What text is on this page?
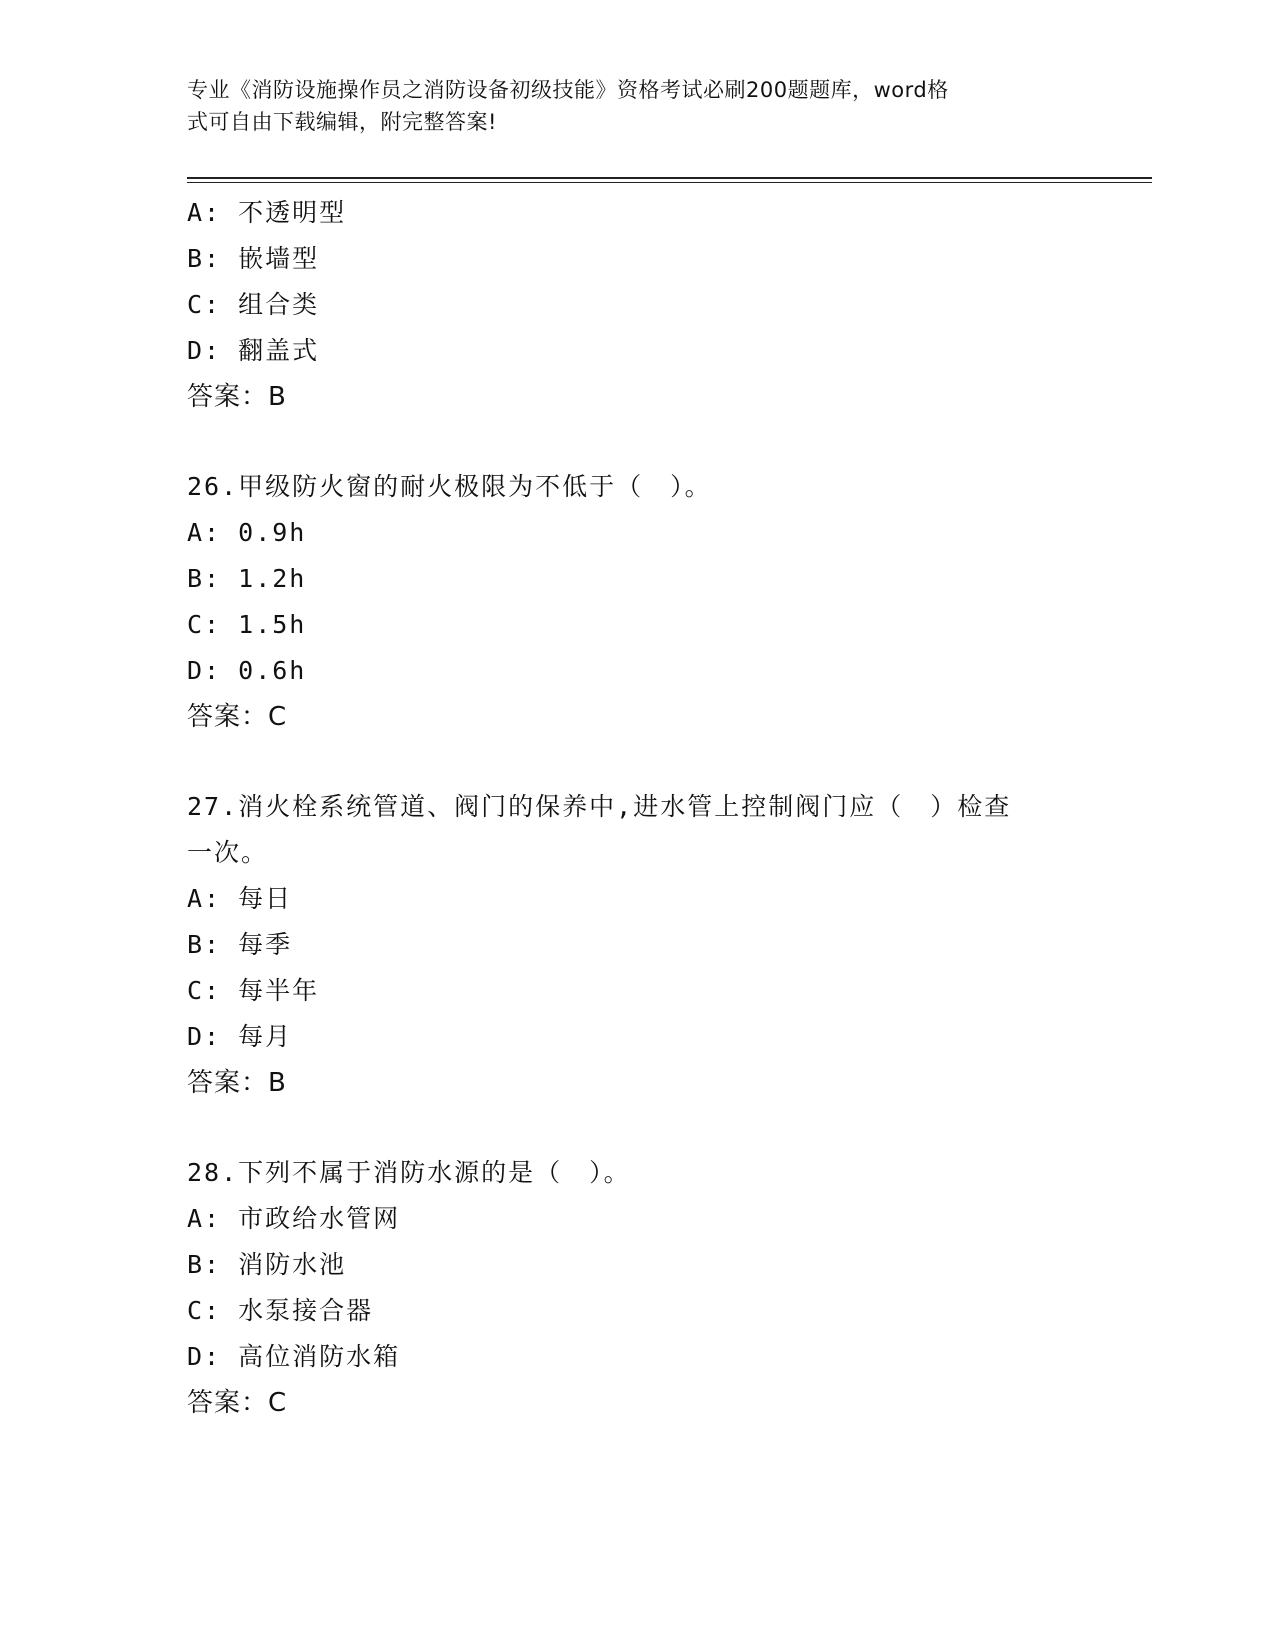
专业《消防设施操作员之消防设备初级技能》资格考试必刷200题题库，word格
式可自由下载编辑，附完整答案!
A: 不透明型
B: 嵌墙型
C: 组合类
D: 翻盖式
答案：B
26.甲级防火窗的耐火极限为不低于（　）。
A: 0.9h
B: 1.2h
C: 1.5h
D: 0.6h
答案：C
27.消火栓系统管道、阀门的保养中,进水管上控制阀门应（　）检查
一次。
A: 每日
B: 每季
C: 每半年
D: 每月
答案：B
28.下列不属于消防水源的是（　）。
A: 市政给水管网
B: 消防水池
C: 水泵接合器
D: 高位消防水箱
答案：C
